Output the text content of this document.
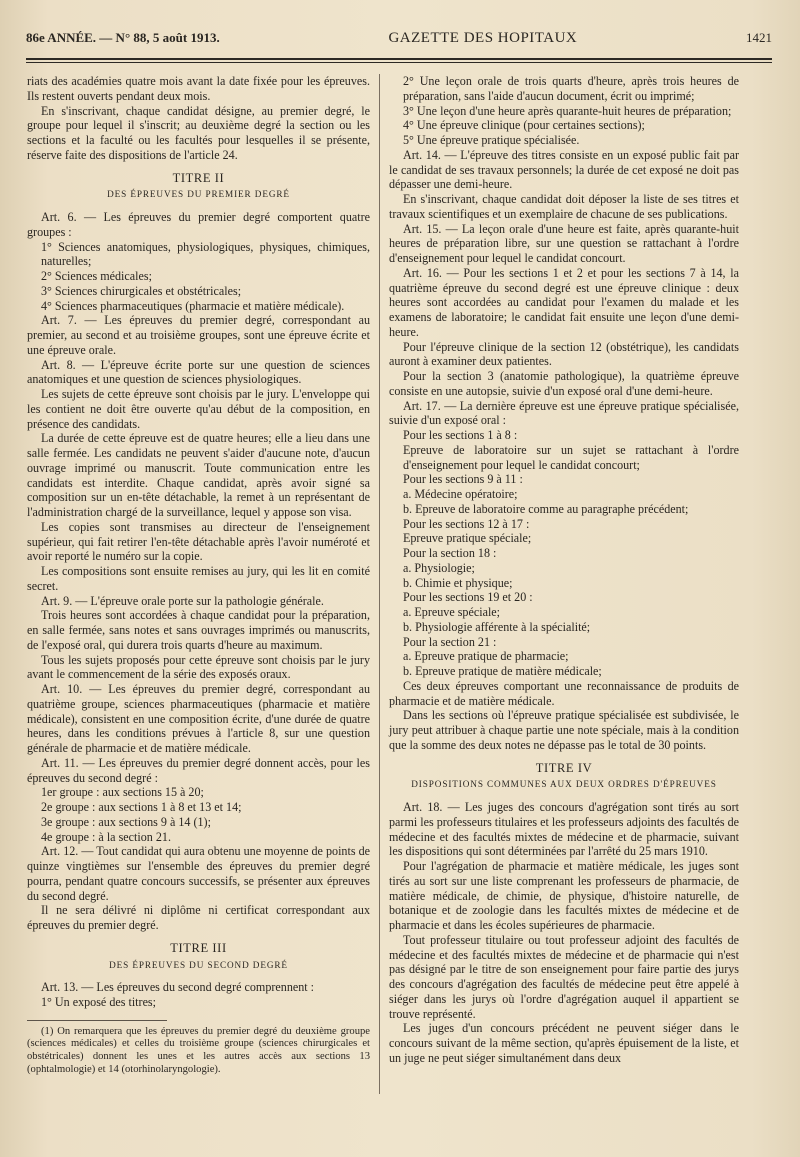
86e ANNÉE. — N° 88, 5 août 1913.	GAZETTE DES HOPITAUX	1421

riats des académies quatre mois avant la date fixée pour les épreuves. Ils restent ouverts pendant deux mois.

En s'inscrivant, chaque candidat désigne, au premier degré, le groupe pour lequel il s'inscrit; au deuxième degré la section ou les sections et la faculté ou les facultés pour lesquelles il se présente, réserve faite des dispositions de l'article 24.

TITRE II
DES ÉPREUVES DU PREMIER DEGRÉ

Art. 6. — Les épreuves du premier degré comportent quatre groupes :

1° Sciences anatomiques, physiologiques, physiques, chimiques, naturelles;

2° Sciences médicales;

3° Sciences chirurgicales et obstétricales;

4° Sciences pharmaceutiques (pharmacie et matière médicale).

Art. 7. — Les épreuves du premier degré, correspondant au premier, au second et au troisième groupes, sont une épreuve écrite et une épreuve orale.

Art. 8. — L'épreuve écrite porte sur une question de sciences anatomiques et une question de sciences physiologiques.

Les sujets de cette épreuve sont choisis par le jury. L'enveloppe qui les contient ne doit être ouverte qu'au début de la composition, en présence des candidats.

La durée de cette épreuve est de quatre heures; elle a lieu dans une salle fermée. Les candidats ne peuvent s'aider d'aucune note, d'aucun ouvrage imprimé ou manuscrit. Toute communication entre les candidats est interdite. Chaque candidat, après avoir signé sa composition sur un en-tête détachable, la remet à un représentant de l'administration chargé de la surveillance, lequel y appose son visa.

Les copies sont transmises au directeur de l'enseignement supérieur, qui fait retirer l'en-tête détachable après l'avoir numéroté et avoir reporté le numéro sur la copie.

Les compositions sont ensuite remises au jury, qui les lit en comité secret.

Art. 9. — L'épreuve orale porte sur la pathologie générale.

Trois heures sont accordées à chaque candidat pour la préparation, en salle fermée, sans notes et sans ouvrages imprimés ou manuscrits, de l'exposé oral, qui durera trois quarts d'heure au maximum.

Tous les sujets proposés pour cette épreuve sont choisis par le jury avant le commencement de la série des exposés oraux.

Art. 10. — Les épreuves du premier degré, correspondant au quatrième groupe, sciences pharmaceutiques (pharmacie et matière médicale), consistent en une composition écrite, d'une durée de quatre heures, dans les conditions prévues à l'article 8, sur une question générale de pharmacie et de matière médicale.

Art. 11. — Les épreuves du premier degré donnent accès, pour les épreuves du second degré :

1er groupe : aux sections 15 à 20;

2e groupe : aux sections 1 à 8 et 13 et 14;

3e groupe : aux sections 9 à 14 (1);

4e groupe : à la section 21.

Art. 12. — Tout candidat qui aura obtenu une moyenne de points de quinze vingtièmes sur l'ensemble des épreuves du premier degré pourra, pendant quatre concours successifs, se présenter aux épreuves du second degré.

Il ne sera délivré ni diplôme ni certificat correspondant aux épreuves du premier degré.

TITRE III
DES ÉPREUVES DU SECOND DEGRÉ

Art. 13. — Les épreuves du second degré comprennent :

1° Un exposé des titres;

(1) On remarquera que les épreuves du premier degré du deuxième groupe (sciences médicales) et celles du troisième groupe (sciences chirurgicales et obstétricales) donnent les unes et les autres accès aux sections 13 (ophtalmologie) et 14 (otorhinolaryngologie).

2° Une leçon orale de trois quarts d'heure, après trois heures de préparation, sans l'aide d'aucun document, écrit ou imprimé;

3° Une leçon d'une heure après quarante-huit heures de préparation;

4° Une épreuve clinique (pour certaines sections);

5° Une épreuve pratique spécialisée.

Art. 14. — L'épreuve des titres consiste en un exposé public fait par le candidat de ses travaux personnels; la durée de cet exposé ne doit pas dépasser une demi-heure.

En s'inscrivant, chaque candidat doit déposer la liste de ses titres et travaux scientifiques et un exemplaire de chacune de ses publications.

Art. 15. — La leçon orale d'une heure est faite, après quarante-huit heures de préparation libre, sur une question se rattachant à l'ordre d'enseignement pour lequel le candidat concourt.

Art. 16. — Pour les sections 1 et 2 et pour les sections 7 à 14, la quatrième épreuve du second degré est une épreuve clinique : deux heures sont accordées au candidat pour l'examen du malade et les examens de laboratoire; le candidat fait ensuite une leçon d'une demi-heure.

Pour l'épreuve clinique de la section 12 (obstétrique), les candidats auront à examiner deux patientes.

Pour la section 3 (anatomie pathologique), la quatrième épreuve consiste en une autopsie, suivie d'un exposé oral d'une demi-heure.

Art. 17. — La dernière épreuve est une épreuve pratique spécialisée, suivie d'un exposé oral :

Pour les sections 1 à 8 :

Epreuve de laboratoire sur un sujet se rattachant à l'ordre d'enseignement pour lequel le candidat concourt;

Pour les sections 9 à 11 :

a. Médecine opératoire;

b. Epreuve de laboratoire comme au paragraphe précédent;

Pour les sections 12 à 17 :

Epreuve pratique spéciale;

Pour la section 18 :

a. Physiologie;

b. Chimie et physique;

Pour les sections 19 et 20 :

a. Epreuve spéciale;

b. Physiologie afférente à la spécialité;

Pour la section 21 :

a. Epreuve pratique de pharmacie;

b. Epreuve pratique de matière médicale;

Ces deux épreuves comportant une reconnaissance de produits de pharmacie et de matière médicale.

Dans les sections où l'épreuve pratique spécialisée est subdivisée, le jury peut attribuer à chaque partie une note spéciale, mais à la condition que la somme des deux notes ne dépasse pas le total de 30 points.

TITRE IV
DISPOSITIONS COMMUNES AUX DEUX ORDRES D'ÉPREUVES

Art. 18. — Les juges des concours d'agrégation sont tirés au sort parmi les professeurs titulaires et les professeurs adjoints des facultés de médecine et des facultés mixtes de médecine et de pharmacie, suivant les dispositions qui sont déterminées par l'arrêté du 25 mars 1910.

Pour l'agrégation de pharmacie et matière médicale, les juges sont tirés au sort sur une liste comprenant les professeurs de pharmacie, de matière médicale, de chimie, de physique, d'histoire naturelle, de botanique et de zoologie dans les facultés mixtes de médecine et de pharmacie et dans les écoles supérieures de pharmacie.

Tout professeur titulaire ou tout professeur adjoint des facultés de médecine et des facultés mixtes de médecine et de pharmacie qui n'est pas désigné par le titre de son enseignement pour faire partie des jurys des concours d'agrégation des facultés de médecine peut être appelé à siéger dans les jurys où l'ordre d'agrégation auquel il appartient se trouve représenté.

Les juges d'un concours précédent ne peuvent siéger dans le concours suivant de la même section, qu'après épuisement de la liste, et un juge ne peut siéger simultanément dans deux
